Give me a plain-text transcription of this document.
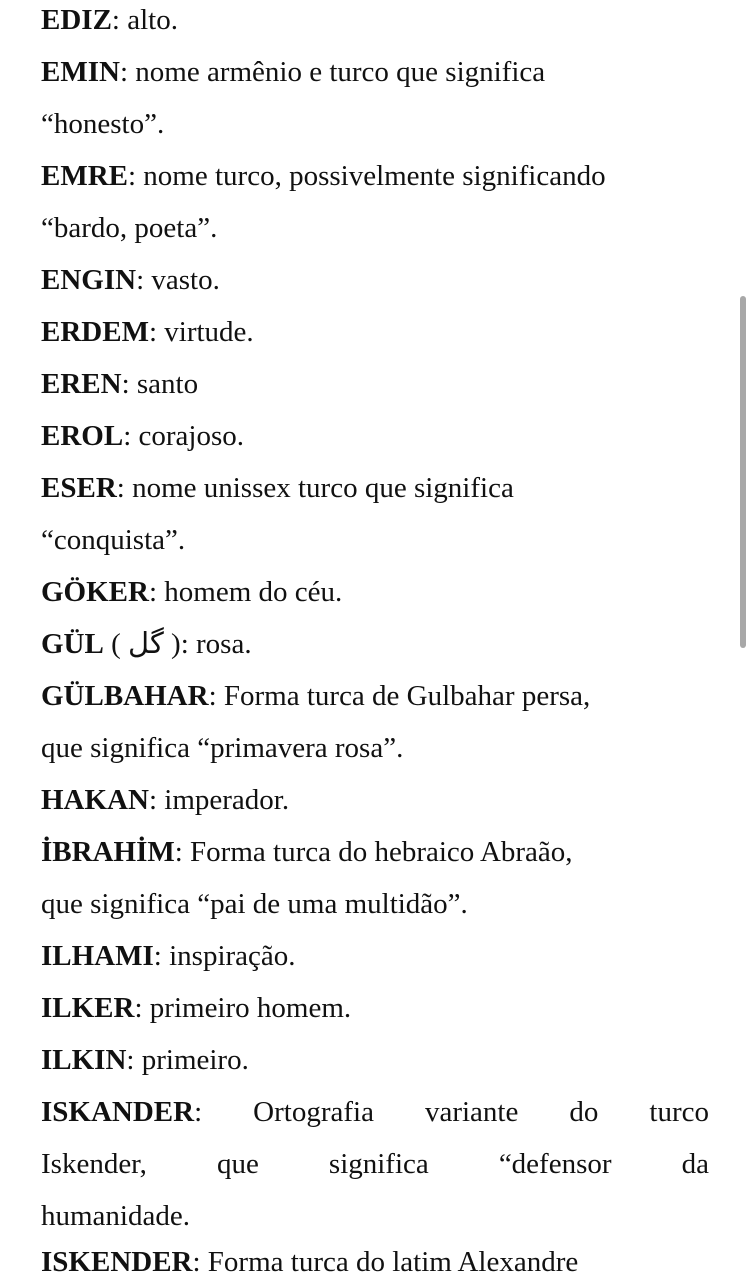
EDIZ: alto.
EMIN: nome armênio e turco que significa
“honesto”.
EMRE: nome turco, possivelmente significando
“bardo, poeta”.
ENGIN: vasto.
ERDEM: virtude.
EREN: santo
EROL: corajoso.
ESER: nome unissex turco que significa
“conquista”.
GÖKER: homem do céu.
GÜL ( گل ): rosa.
GÜLBAHAR: Forma turca de Gulbahar persa,
que significa “primavera rosa”.
HAKAN: imperador.
İBRAHİM: Forma turca do hebraico Abraão,
que significa “pai de uma multidão”.
ILHAMI: inspiração.
ILKER: primeiro homem.
ILKIN: primeiro.
ISKANDER: Ortografia variante do turco
Iskender, que significa “defensor da
humanidade.
ISKENDER: Forma turca do latim Alexandre
